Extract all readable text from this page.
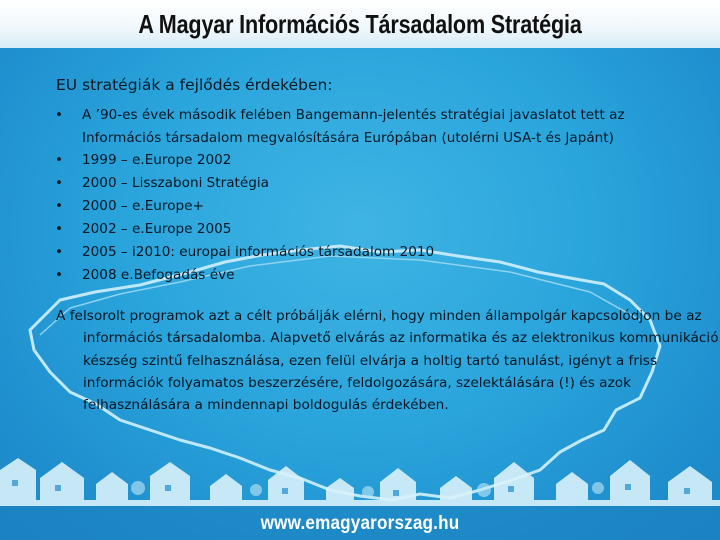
A Magyar Információs Társadalom Stratégia
EU stratégiák a fejlődés érdekében:
• A ’90-es évek második felében Bangemann-jelentés stratégiai javaslatot tett az Információs társadalom megvalósítására Európában (utolérni USA-t és Japánt)
• 1999 – e.Europe 2002
• 2000 – Lisszaboni Stratégia
• 2000 – e.Europe+
• 2002 – e.Europe 2005
• 2005 – i2010: europai információs társadalom 2010
• 2008 e.Befogadás éve
A felsorolt programok azt a célt próbálják elérni, hogy minden állampolgár kapcsolódjon be az információs társadalomba. Alapvető elvárás az informatika és az elektronikus kommunikáció készség szintű felhasználása, ezen felül elvárja a holtig tartó tanulást, igényt a friss információk folyamatos beszerzésére, feldolgozására, szelektálására (!) és azok felhasználására a mindennapi boldogulás érdekében.
www.emagyarorszag.hu
